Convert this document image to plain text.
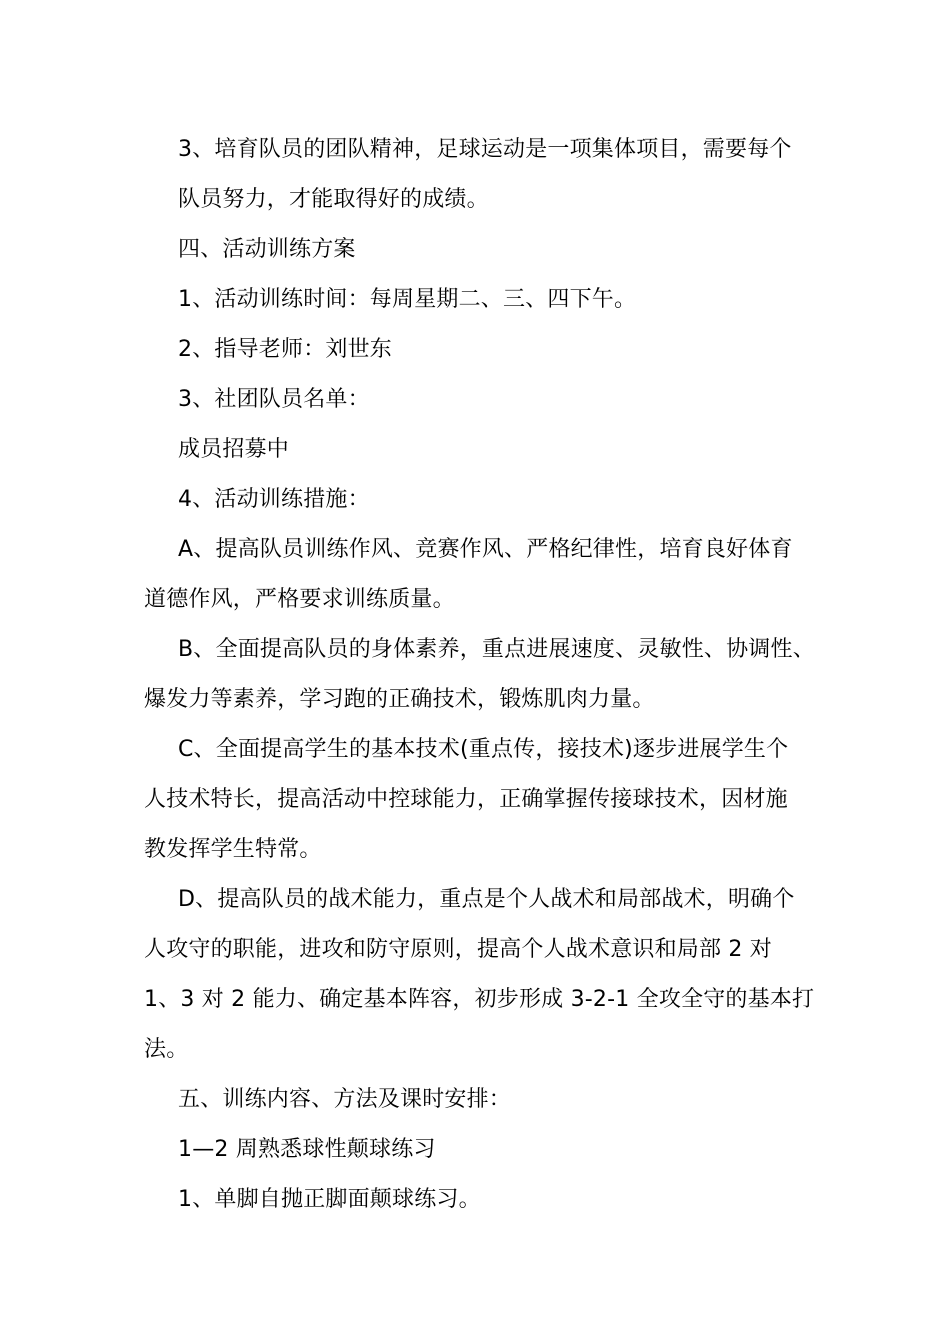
3、培育队员的团队精神，足球运动是一项集体项目，需要每个
队员努力，才能取得好的成绩。
四、活动训练方案
1、活动训练时间：每周星期二、三、四下午。
2、指导老师：刘世东
3、社团队员名单：
成员招募中
4、活动训练措施：
A、提高队员训练作风、竞赛作风、严格纪律性，培育良好体育
道德作风，严格要求训练质量。
B、全面提高队员的身体素养，重点进展速度、灵敏性、协调性、
爆发力等素养，学习跑的正确技术，锻炼肌肉力量。
C、全面提高学生的基本技术(重点传，接技术)逐步进展学生个
人技术特长，提高活动中控球能力，正确掌握传接球技术，因材施
教发挥学生特常。
D、提高队员的战术能力，重点是个人战术和局部战术，明确个
人攻守的职能，进攻和防守原则，提高个人战术意识和局部 2 对
1、3 对 2 能力、确定基本阵容，初步形成 3-2-1 全攻全守的基本打
法。
五、训练内容、方法及课时安排：
1—2 周熟悉球性颠球练习
1、单脚自抛正脚面颠球练习。
